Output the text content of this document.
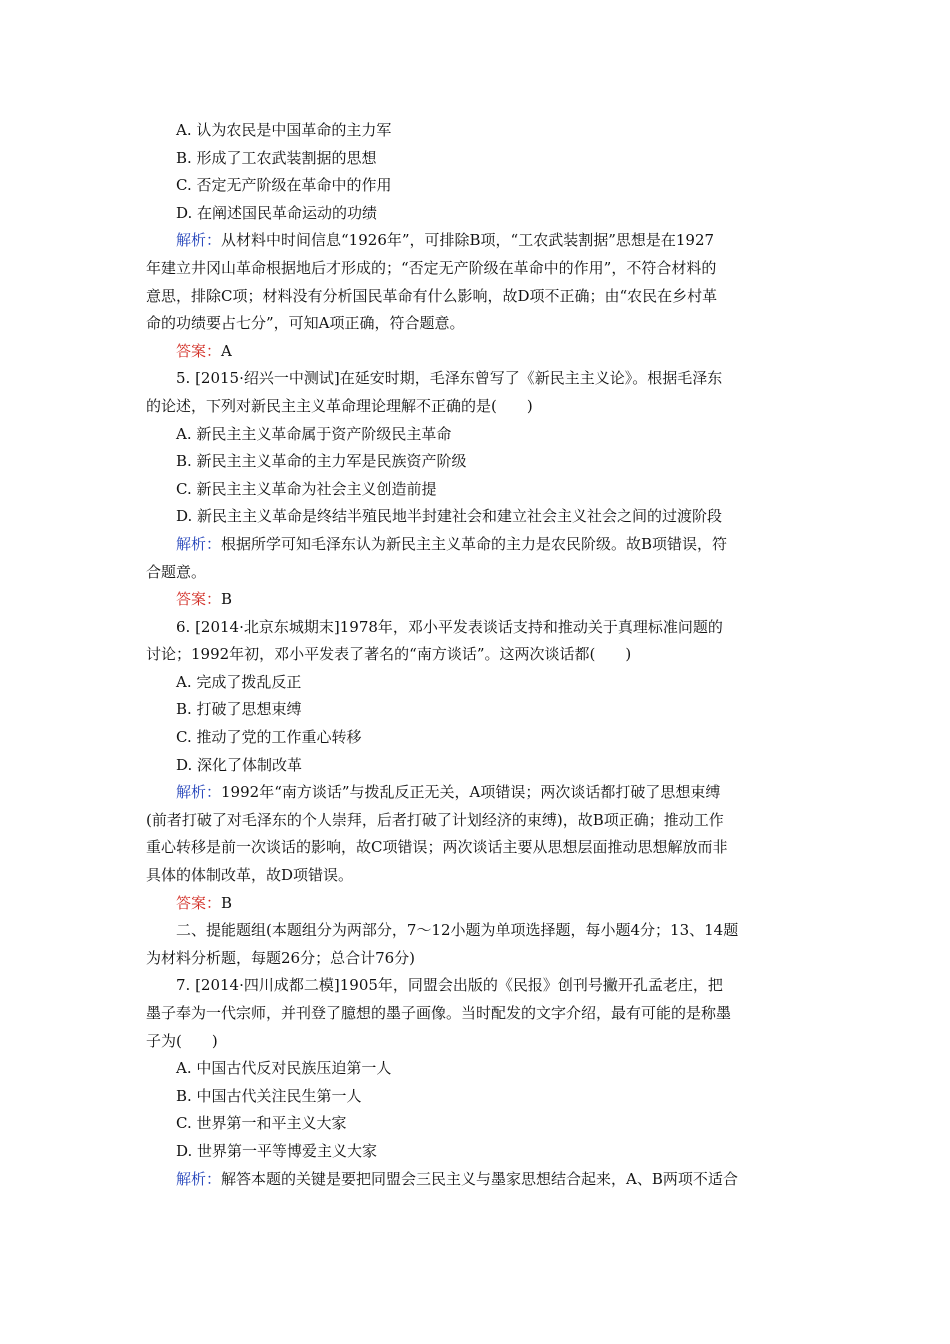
A. 认为农民是中国革命的主力军
B. 形成了工农武装割据的思想
C. 否定无产阶级在革命中的作用
D. 在阐述国民革命运动的功绩
解析：从材料中时间信息“1926年”，可排除B项，“工农武装割据”思想是在1927
年建立井冈山革命根据地后才形成的；“否定无产阶级在革命中的作用”，不符合材料的
意思，排除C项；材料没有分析国民革命有什么影响，故D项不正确；由“农民在乡村革
命的功绩要占七分”，可知A项正确，符合题意。
答案：A
5. [2015·绍兴一中测试]在延安时期，毛泽东曾写了《新民主主义论》。根据毛泽东
的论述，下列对新民主主义革命理论理解不正确的是(　　)
A. 新民主主义革命属于资产阶级民主革命
B. 新民主主义革命的主力军是民族资产阶级
C. 新民主主义革命为社会主义创造前提
D. 新民主主义革命是终结半殖民地半封建社会和建立社会主义社会之间的过渡阶段
解析：根据所学可知毛泽东认为新民主主义革命的主力是农民阶级。故B项错误，符
合题意。
答案：B
6. [2014·北京东城期末]1978年，邓小平发表谈话支持和推动关于真理标准问题的
讨论；1992年初，邓小平发表了著名的“南方谈话”。这两次谈话都(　　)
A. 完成了拨乱反正
B. 打破了思想束缚
C. 推动了党的工作重心转移
D. 深化了体制改革
解析：1992年“南方谈话”与拨乱反正无关，A项错误；两次谈话都打破了思想束缚
(前者打破了对毛泽东的个人崇拜，后者打破了计划经济的束缚)，故B项正确；推动工作
重心转移是前一次谈话的影响，故C项错误；两次谈话主要从思想层面推动思想解放而非
具体的体制改革，故D项错误。
答案：B
二、提能题组(本题组分为两部分，7～12小题为单项选择题，每小题4分；13、14题
为材料分析题，每题26分；总合计76分)
7. [2014·四川成都二模]1905年，同盟会出版的《民报》创刊号撇开孔孟老庄，把
墨子奉为一代宗师，并刊登了臆想的墨子画像。当时配发的文字介绍，最有可能的是称墨
子为(　　)
A. 中国古代反对民族压迫第一人
B. 中国古代关注民生第一人
C. 世界第一和平主义大家
D. 世界第一平等博爱主义大家
解析：解答本题的关键是要把同盟会三民主义与墨家思想结合起来，A、B两项不适合
